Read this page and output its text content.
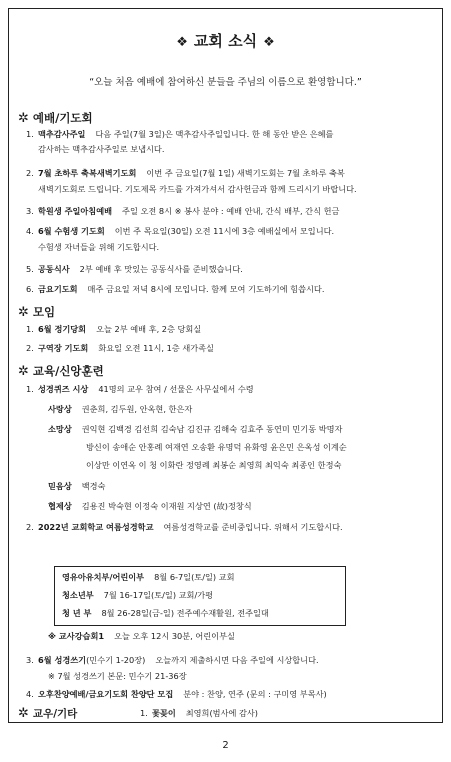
❖ 교회 소식 ❖
“오늘 처음 예배에 참여하신 분들을 주님의 이름으로 환영합니다.”
✲ 예배/기도회
1. 맥추감사주일 다음 주일(7월 3일)은 맥추감사주일입니다. 한 해 동안 받은 은혜를
감사하는 맥추감사주일로 보냅시다.
2. 7월 초하루 축복새벽기도회 이번 주 금요일(7월 1일) 새벽기도회는 7월 초하루 축복
새벽기도회로 드립니다. 기도제목 카드를 가져가셔서 감사헌금과 함께 드리시기 바랍니다.
3. 학원생 주일아침예배 주일 오전 8시 ※ 봉사 분야 : 예배 안내, 간식 배부, 간식 헌금
4. 6월 수험생 기도회 이번 주 목요일(30일) 오전 11시에 3층 예배실에서 모입니다.
수험생 자녀들을 위해 기도합시다.
5. 공동식사 2부 예배 후 맛있는 공동식사를 준비했습니다.
6. 금요기도회 매주 금요일 저녁 8시에 모입니다. 함께 모여 기도하기에 힘씁시다.
✲ 모임
1. 6월 정기당회 오늘 2부 예배 후, 2층 당회실
2. 구역장 기도회 화요일 오전 11시, 1층 새가족실
✲ 교육/신앙훈련
1. 성경퀴즈 시상 41명의 교우 참여 / 선물은 사무실에서 수령
사랑상 권춘희, 김두원, 안옥현, 한은자
소망상 권익현 김백경 김선희 김숙남 김진규 김해숙 김효주 동연미 민기동 박명자
방신이 송애순 안홍례 여재연 오송환 유명덕 유화영 윤은민 은옥성 이계순
이상만 이연옥 이 청 이화란 정영례 최봉순 최영희 최익숙 최종인 한정숙
믿음상 백경숙
협제상 김용진 박숙현 이정숙 이재원 지상연 (故)정창식
2. 2022년 교회학교 여름성경학교 여름성경학교를 준비중입니다. 위해서 기도합시다.
영유아유치부/어린이부 8월 6-7일(토/일) 교회
청소년부 7월 16-17일(토/일) 교회/가평
청 년 부 8월 26-28일(금-일) 전주예수재활원, 전주일대
※ 교사강습회1 오늘 오후 12시 30분, 어린이부실
3. 6월 성경쓰기(민수기 1-20장) 오늘까지 제출하시면 다음 주일에 시상합니다.
※ 7월 성경쓰기 본문: 민수기 21-36장
4. 오후찬양예배/금요기도회 찬양단 모집 분야 : 찬양, 연주 (문의 : 구미영 부목사)
✲ 교우/기타	1. 꽃꽂이 최영희(범사에 감사)
2
